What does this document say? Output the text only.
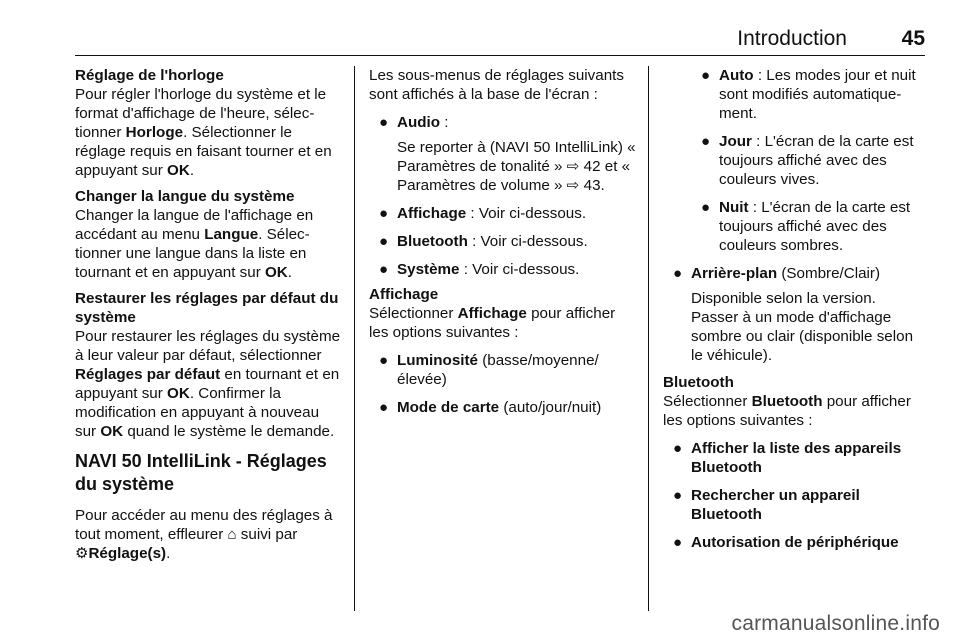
Introduction	45

Réglage de l'horloge

Pour régler l'horloge du système et le format d'affichage de l'heure, sélec-tionner Horloge. Sélectionner le réglage requis en faisant tourner et en appuyant sur OK.

Changer la langue du système

Changer la langue de l'affichage en accédant au menu Langue. Sélec-tionner une langue dans la liste en tournant et en appuyant sur OK.

Restaurer les réglages par défaut du système

Pour restaurer les réglages du système à leur valeur par défaut, sélectionner Réglages par défaut en tournant et en appuyant sur OK. Confirmer la modification en appuyant à nouveau sur OK quand le système le demande.

NAVI 50 IntelliLink - Réglages du système

Pour accéder au menu des réglages à tout moment, effleurer ⌂ suivi par
⚙Réglage(s).

Les sous-menus de réglages suivants sont affichés à la base de l'écran :

● Audio :

Se reporter à (NAVI 50 IntelliLink) « Paramètres de tonalité » ⇨ 42 et « Paramètres de volume » ⇨ 43.

● Affichage : Voir ci-dessous.
● Bluetooth : Voir ci-dessous.
● Système : Voir ci-dessous.

Affichage

Sélectionner Affichage pour afficher les options suivantes :

● Luminosité (basse/moyenne/élevée)
● Mode de carte (auto/jour/nuit)
● Auto : Les modes jour et nuit sont modifiés automatique-ment.
● Jour : L'écran de la carte est toujours affiché avec des couleurs vives.
● Nuit : L'écran de la carte est toujours affiché avec des couleurs sombres.
● Arrière-plan (Sombre/Clair)

Disponible selon la version. Passer à un mode d'affichage sombre ou clair (disponible selon le véhicule).

Bluetooth

Sélectionner Bluetooth pour afficher les options suivantes :

● Afficher la liste des appareils Bluetooth
● Rechercher un appareil Bluetooth
● Autorisation de périphérique
carmanualsonline.info
